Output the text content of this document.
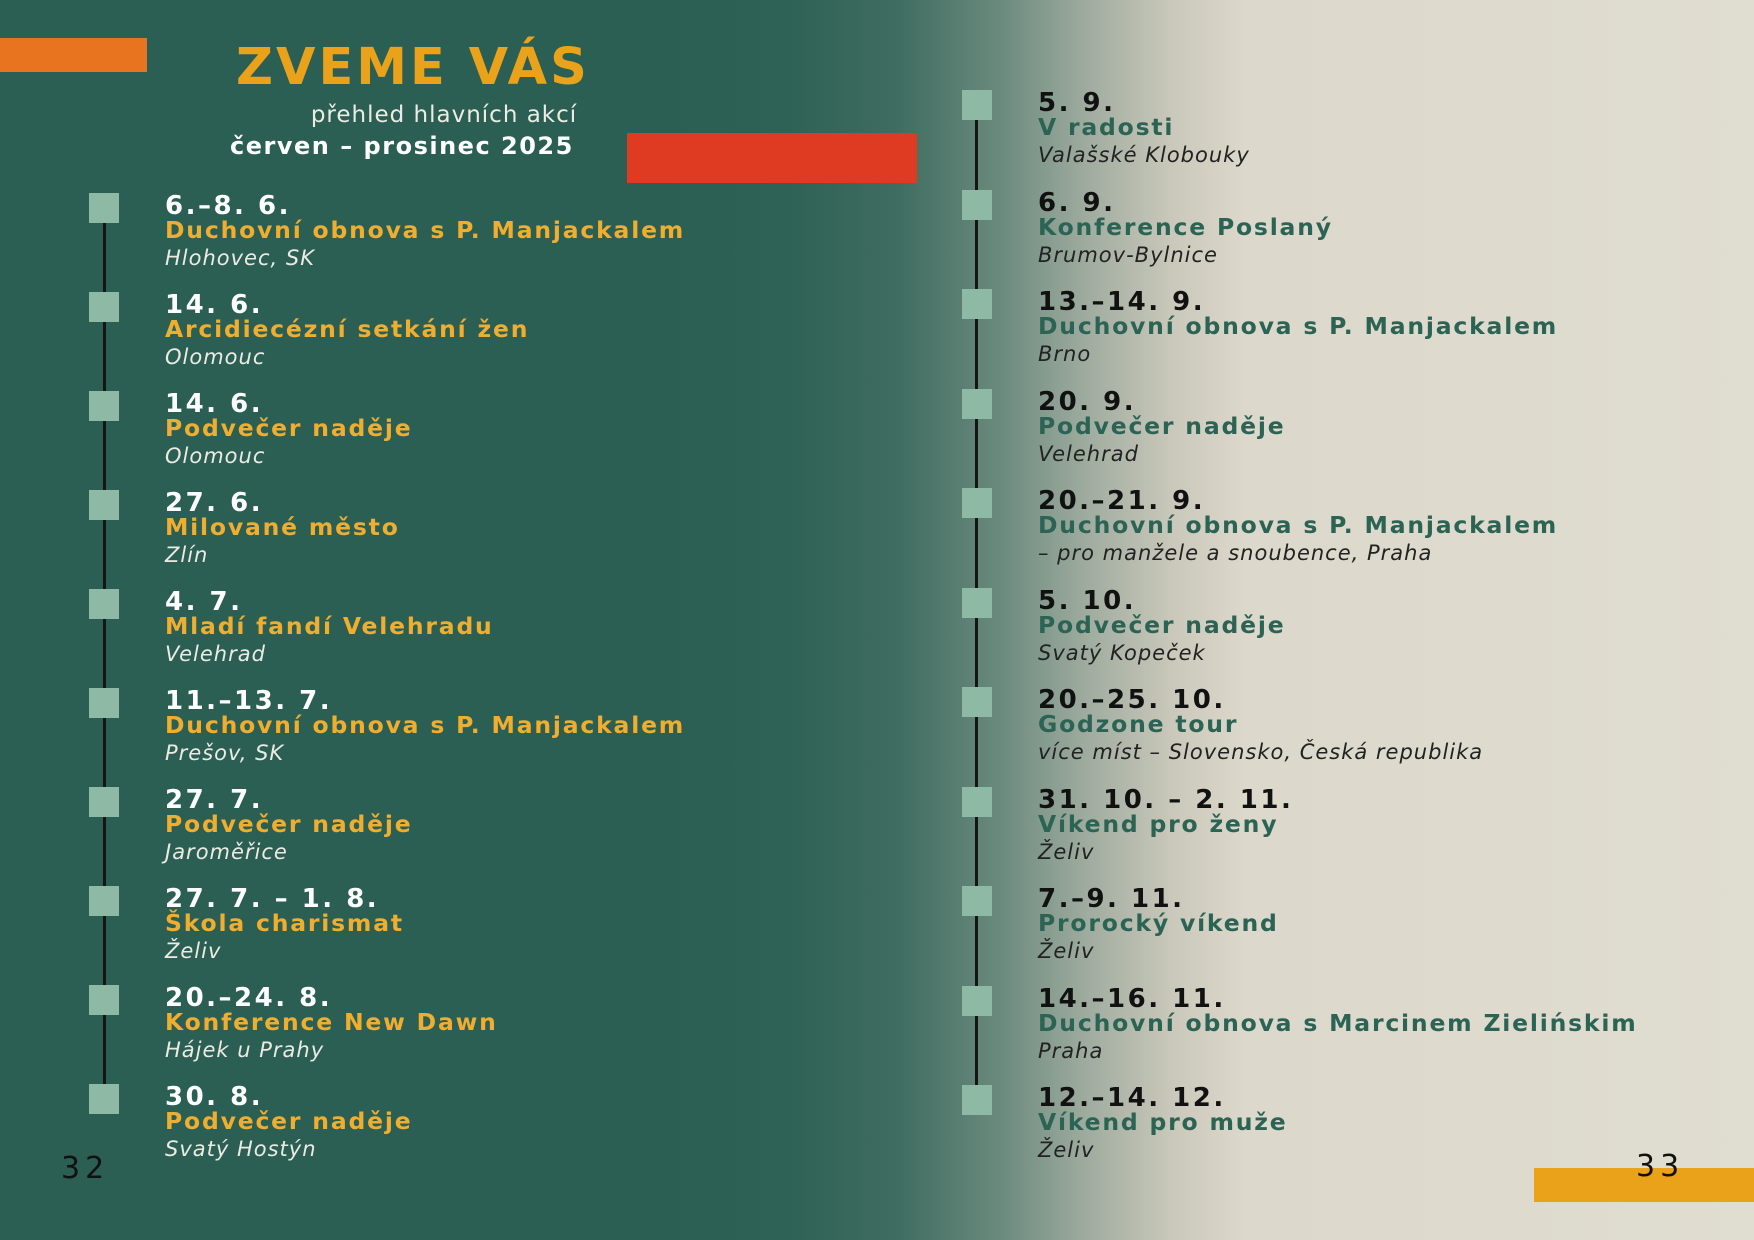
ZVEME VÁS
přehled hlavních akcí
červen – prosinec 2025
6.–8. 6.
Duchovní obnova s P. Manjackalem
Hlohovec, SK
14. 6.
Arcidiecézní setkání žen
Olomouc
14. 6.
Podvečer naděje
Olomouc
27. 6.
Milované město
Zlín
4. 7.
Mladí fandí Velehradu
Velehrad
11.–13. 7.
Duchovní obnova s P. Manjackalem
Prešov, SK
27. 7.
Podvečer naděje
Jaroměřice
27. 7. – 1. 8.
Škola charismat
Želiv
20.–24. 8.
Konference New Dawn
Hájek u Prahy
30. 8.
Podvečer naděje
Svatý Hostýn
5. 9.
V radosti
Valašské Klobouky
6. 9.
Konference Poslaný
Brumov-Bylnice
13.–14. 9.
Duchovní obnova s P. Manjackalem
Brno
20. 9.
Podvečer naděje
Velehrad
20.–21. 9.
Duchovní obnova s P. Manjackalem
– pro manžele a snoubence, Praha
5. 10.
Podvečer naděje
Svatý Kopeček
20.–25. 10.
Godzone tour
více míst – Slovensko, Česká republika
31. 10. – 2. 11.
Víkend pro ženy
Želiv
7.–9. 11.
Prorocký víkend
Želiv
14.–16. 11.
Duchovní obnova s Marcinem Zielińskim
Praha
12.–14. 12.
Víkend pro muže
Želiv
32	33
